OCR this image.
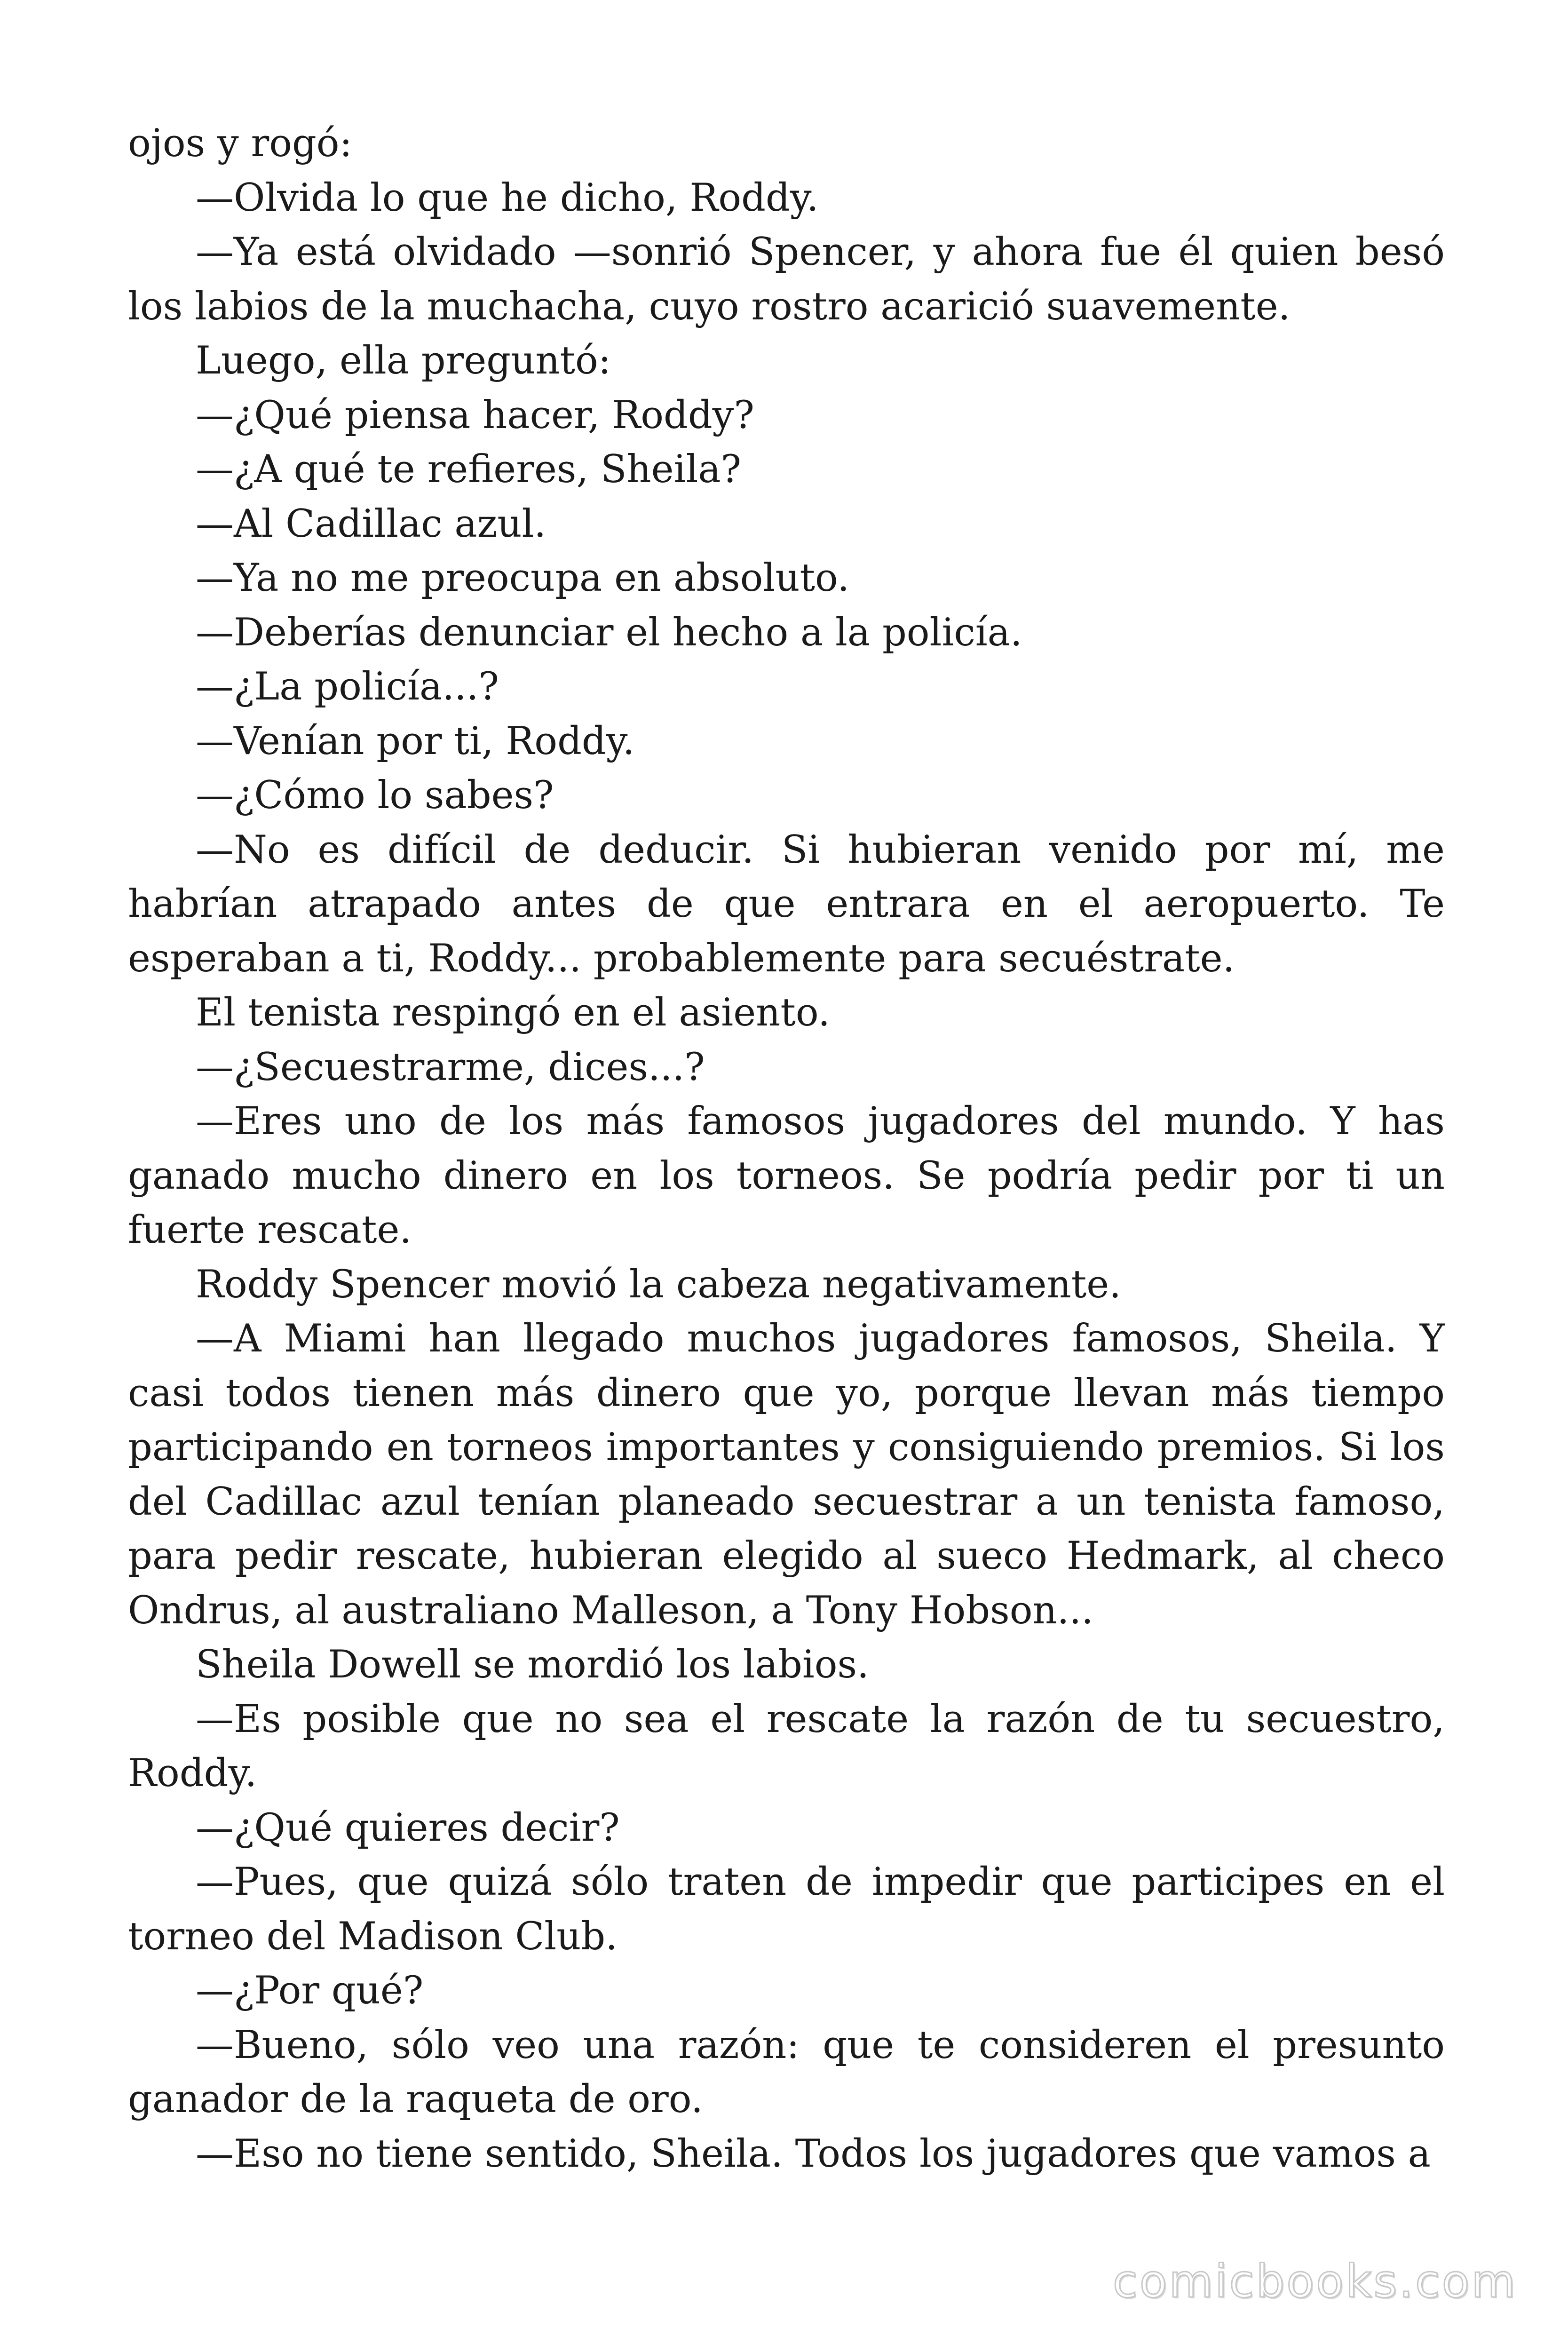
ojos y rogó:

—Olvida lo que he dicho, Roddy.

—Ya está olvidado —sonrió Spencer, y ahora fue él quien besó los labios de la muchacha, cuyo rostro acarició suavemente.

Luego, ella preguntó:

—¿Qué piensa hacer, Roddy?

—¿A qué te refieres, Sheila?

—Al Cadillac azul.

—Ya no me preocupa en absoluto.

—Deberías denunciar el hecho a la policía.

—¿La policía...?

—Venían por ti, Roddy.

—¿Cómo lo sabes?

—No es difícil de deducir. Si hubieran venido por mí, me habrían atrapado antes de que entrara en el aeropuerto. Te esperaban a ti, Roddy... probablemente para secuéstrate.

El tenista respingó en el asiento.

—¿Secuestrarme, dices...?

—Eres uno de los más famosos jugadores del mundo. Y has ganado mucho dinero en los torneos. Se podría pedir por ti un fuerte rescate.

Roddy Spencer movió la cabeza negativamente.

—A Miami han llegado muchos jugadores famosos, Sheila. Y casi todos tienen más dinero que yo, porque llevan más tiempo participando en torneos importantes y consiguiendo premios. Si los del Cadillac azul tenían planeado secuestrar a un tenista famoso, para pedir rescate, hubieran elegido al sueco Hedmark, al checo Ondrus, al australiano Malleson, a Tony Hobson...

Sheila Dowell se mordió los labios.

—Es posible que no sea el rescate la razón de tu secuestro, Roddy.

—¿Qué quieres decir?

—Pues, que quizá sólo traten de impedir que participes en el torneo del Madison Club.

—¿Por qué?

—Bueno, sólo veo una razón: que te consideren el presunto ganador de la raqueta de oro.

—Eso no tiene sentido, Sheila. Todos los jugadores que vamos a

comicbooks.com
